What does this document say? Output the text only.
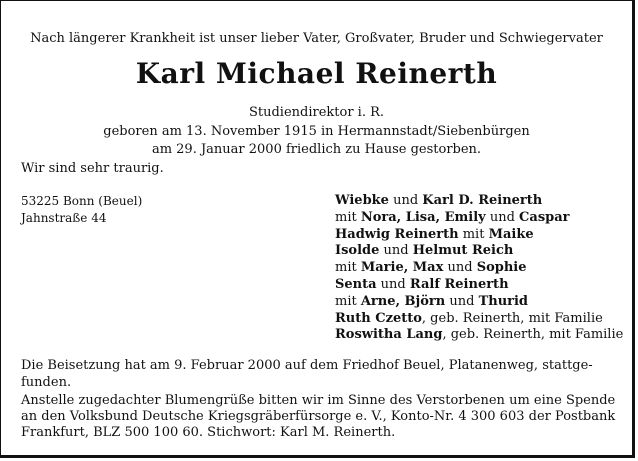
Nach längerer Krankheit ist unser lieber Vater, Großvater, Bruder und Schwiegervater
Karl Michael Reinerth
Studiendirektor i. R.
geboren am 13. November 1915 in Hermannstadt/Siebenbürgen
am 29. Januar 2000 friedlich zu Hause gestorben.
Wir sind sehr traurig.
53225 Bonn (Beuel)
Jahnstraße 44
Wiebke und Karl D. Reinerth
mit Nora, Lisa, Emily und Caspar
Hadwig Reinerth mit Maike
Isolde und Helmut Reich
mit Marie, Max und Sophie
Senta und Ralf Reinerth
mit Arne, Björn und Thurid
Ruth Czetto, geb. Reinerth, mit Familie
Roswitha Lang, geb. Reinerth, mit Familie
Die Beisetzung hat am 9. Februar 2000 auf dem Friedhof Beuel, Platanenweg, stattge-
funden.
Anstelle zugedachter Blumengrüße bitten wir im Sinne des Verstorbenen um eine Spende
an den Volksbund Deutsche Kriegsgräberfürsorge e. V., Konto-Nr. 4 300 603 der Postbank
Frankfurt, BLZ 500 100 60. Stichwort: Karl M. Reinerth.
